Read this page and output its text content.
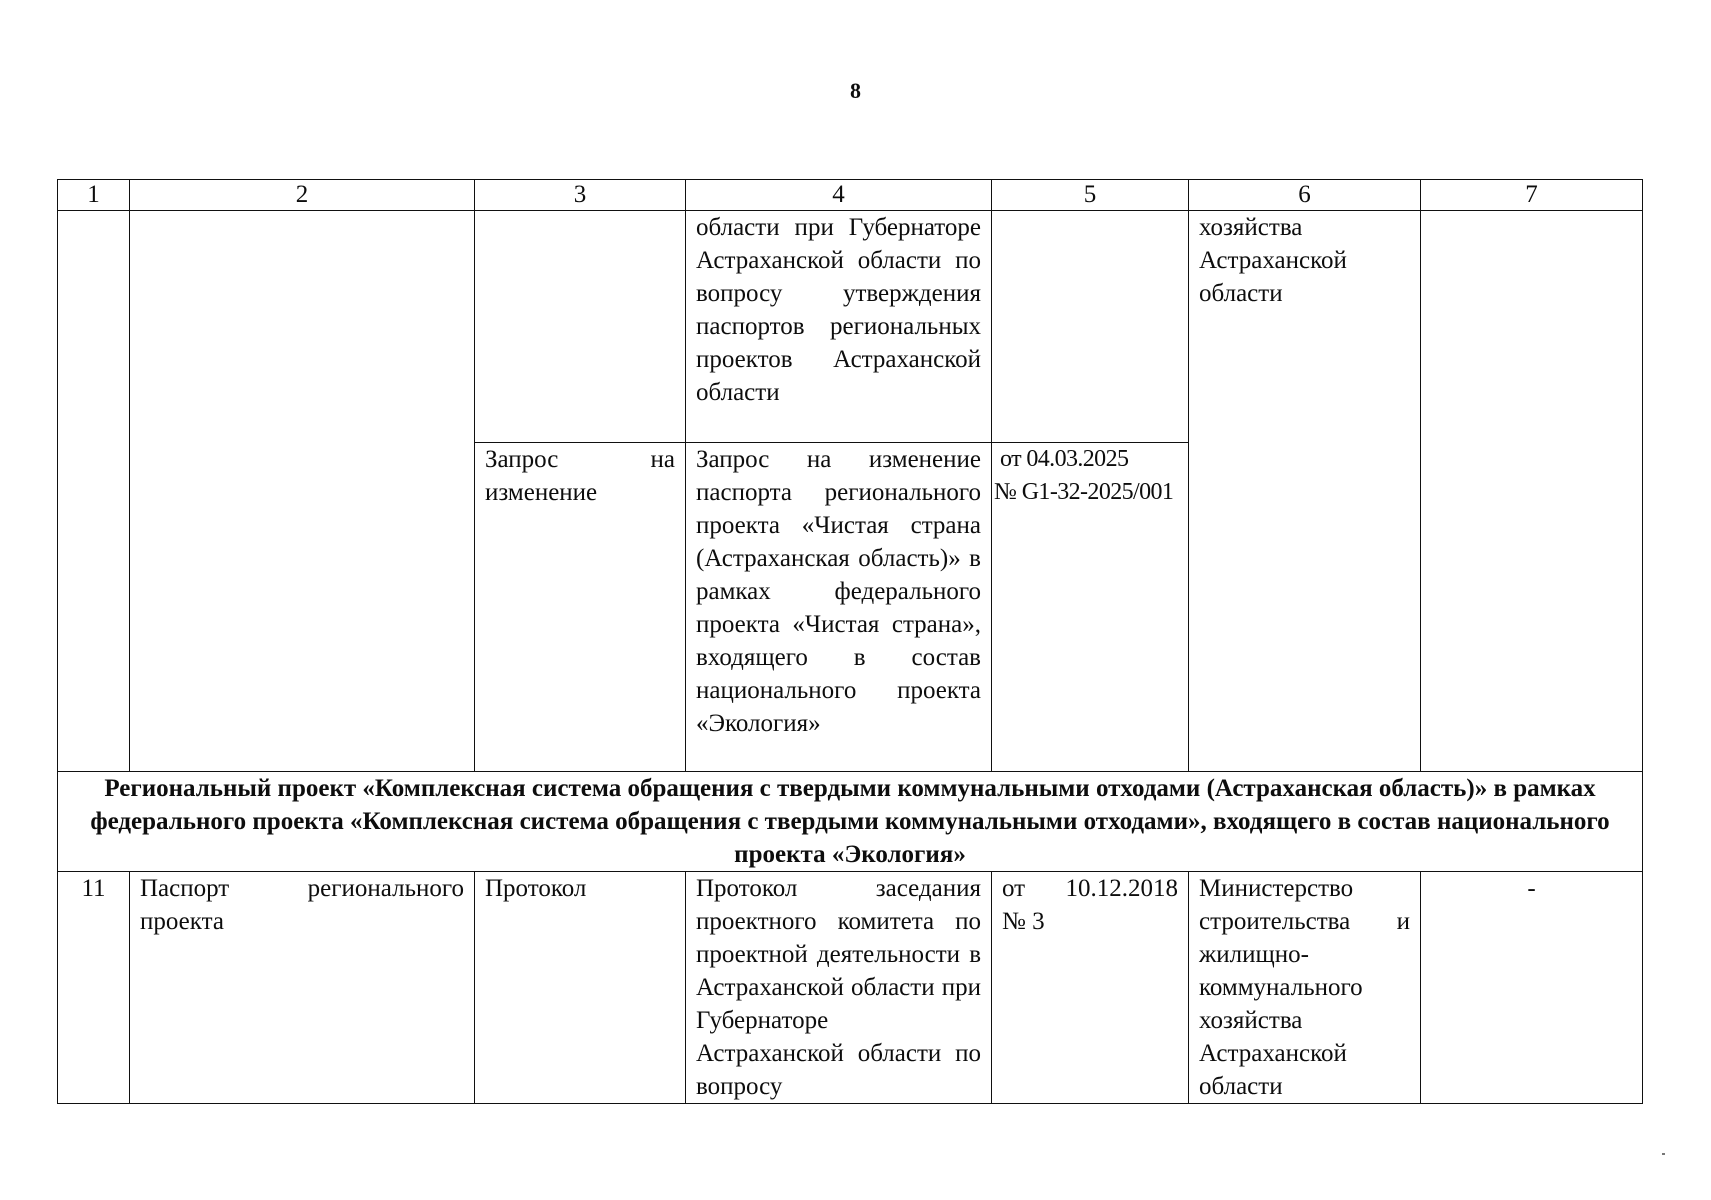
8
1	2	3	4	5	6	7
			области при Губернаторе Астраханской области по вопросу утверждения паспортов региональных проектов Астраханской области		хозяйства Астраханской области	
		Запрос на изменение	Запрос на изменение паспорта регионального проекта «Чистая страна (Астраханская область)» в рамках федерального проекта «Чистая страна», входящего в состав национального проекта «Экология»	от 04.03.2025
№ G1-32-2025/001		

Региональный проект «Комплексная система обращения с твердыми коммунальными отходами (Астраханская область)» в рамках федерального проекта «Комплексная система обращения с твердыми коммунальными отходами», входящего в состав национального проекта «Экология»						
11	Паспорт регионального проекта	Протокол	Протокол заседания проектного комитета по проектной деятельности в Астраханской области при Губернаторе Астраханской области по вопросу	от 10.12.2018
№ 3	Министерство строительства и жилищно-коммунального хозяйства Астраханской области	-
